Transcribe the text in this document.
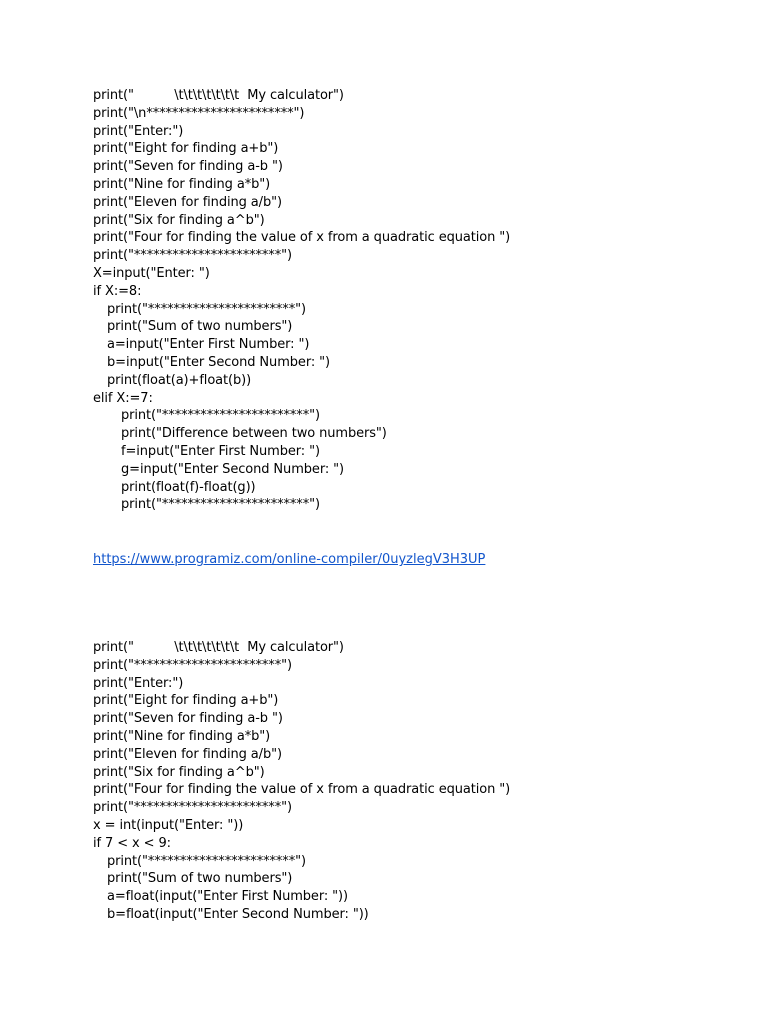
print("          \t\t\t\t\t\t\t  My calculator")
print("\n***********************")
print("Enter:")
print("Eight for finding a+b")
print("Seven for finding a-b ")
print("Nine for finding a*b")
print("Eleven for finding a/b")
print("Six for finding a^b")
print("Four for finding the value of x from a quadratic equation ")
print("***********************")
X=input("Enter: ")
if X:=8:
print("***********************")
print("Sum of two numbers")
a=input("Enter First Number: ")
b=input("Enter Second Number: ")
print(float(a)+float(b))
elif X:=7:
print("***********************")
print("Difference between two numbers")
f=input("Enter First Number: ")
g=input("Enter Second Number: ")
print(float(f)-float(g))
print("***********************")
https://www.programiz.com/online-compiler/0uyzlegV3H3UP
print("          \t\t\t\t\t\t\t  My calculator")
print("***********************")
print("Enter:")
print("Eight for finding a+b")
print("Seven for finding a-b ")
print("Nine for finding a*b")
print("Eleven for finding a/b")
print("Six for finding a^b")
print("Four for finding the value of x from a quadratic equation ")
print("***********************")
x = int(input("Enter: "))
if 7 < x < 9:
print("***********************")
print("Sum of two numbers")
a=float(input("Enter First Number: "))
b=float(input("Enter Second Number: "))
